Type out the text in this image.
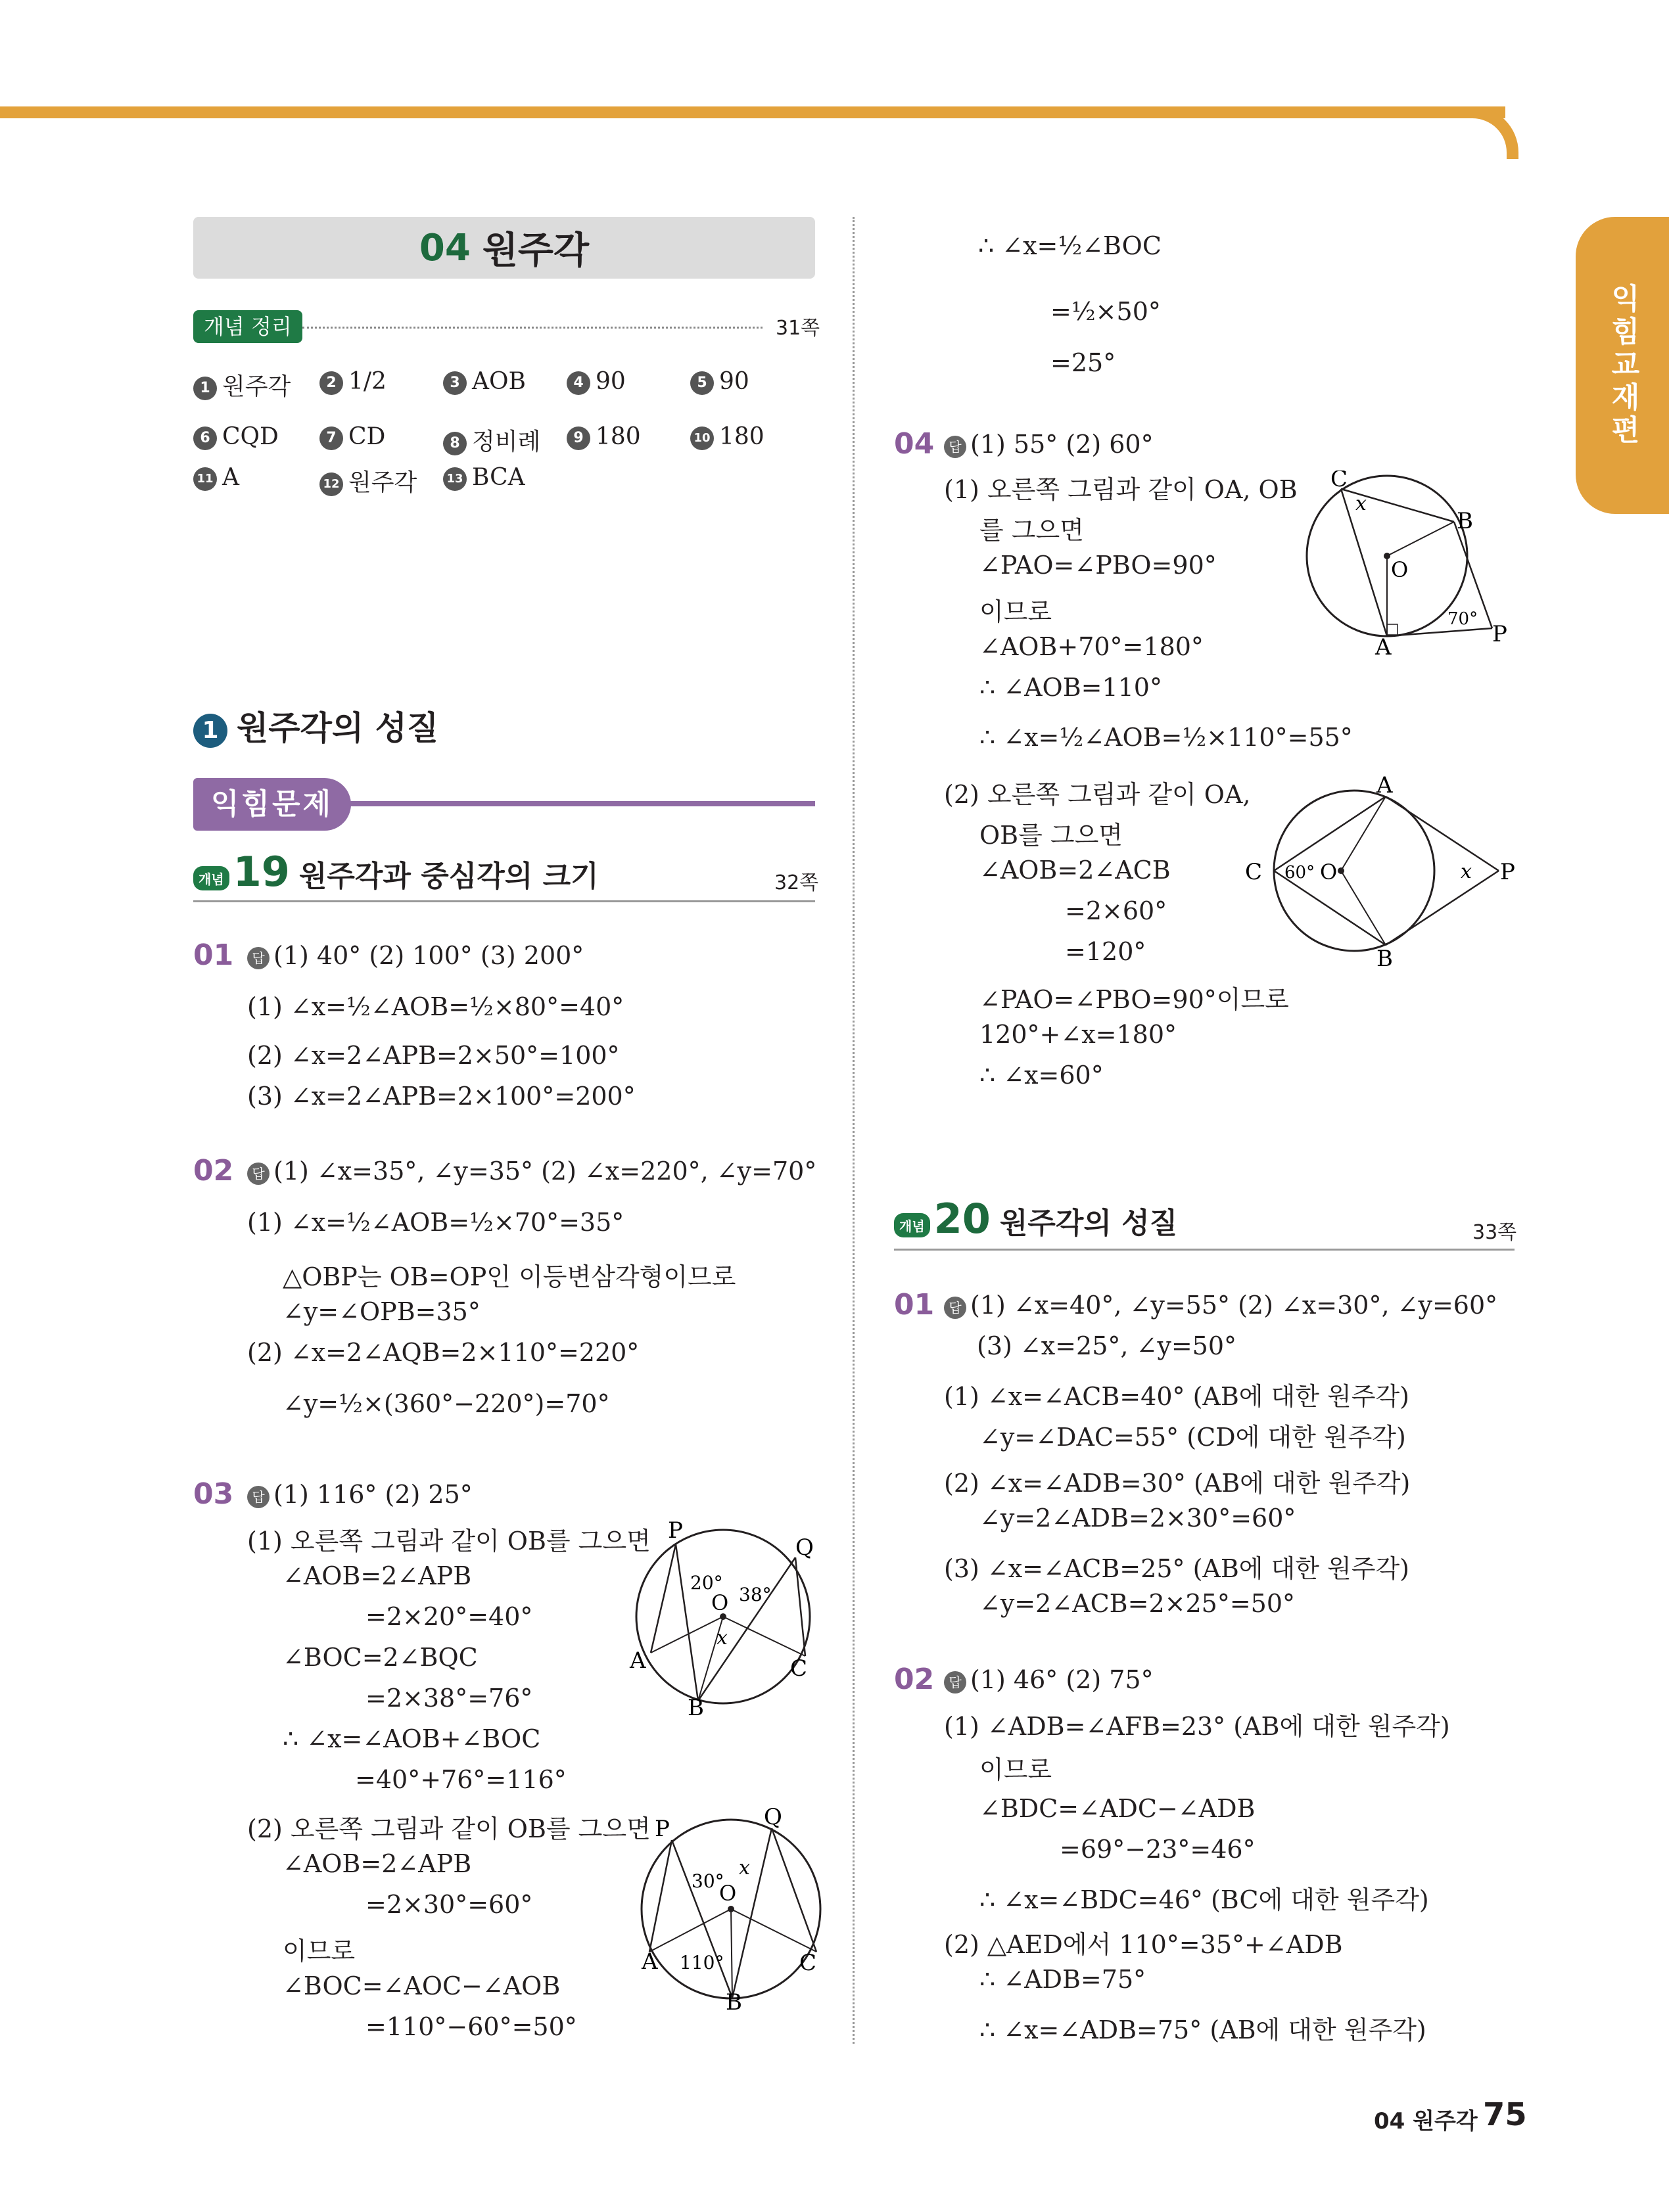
익힘교재편
04 원주각
개념 정리	31쪽
1 원주각	2 1/2	3 AOB	4 90	5 90
6 CQD	7 CD	8 정비례	9 180	10 180
11 A	12 원주각	13 BCA
1 원주각의 성질
익힘문제
개념 19 원주각과 중심각의 크기	32쪽
01	답 (1) 40° (2) 100° (3) 200°
(1) ∠x=½∠AOB=½×80°=40°
(2) ∠x=2∠APB=2×50°=100°
(3) ∠x=2∠APB=2×100°=200°
02	답 (1) ∠x=35°, ∠y=35° (2) ∠x=220°, ∠y=70°
(1) ∠x=½∠AOB=½×70°=35°
△OBP는 OB=OP인 이등변삼각형이므로
∠y=∠OPB=35°
(2) ∠x=2∠AQB=2×110°=220°
∠y=½×(360°−220°)=70°
03	답 (1) 116° (2) 25°
(1) 오른쪽 그림과 같이 OB를 그으면
∠AOB=2∠APB
=2×20°=40°
∠BOC=2∠BQC
=2×38°=76°
∴ ∠x=∠AOB+∠BOC
=40°+76°=116°
(2) 오른쪽 그림과 같이 OB를 그으면
∠AOB=2∠APB
=2×30°=60°
이므로
∠BOC=∠AOC−∠AOB
=110°−60°=50°
P
Q
O
A
B
C
x
20°
38°
P	Q
O
A
B
C
x
30°
110°
∴ ∠x=½∠BOC
=½×50°
=25°
04	답 (1) 55° (2) 60°
(1) 오른쪽 그림과 같이 OA, OB
를 그으면
∠PAO=∠PBO=90°
이므로
∠AOB+70°=180°
∴ ∠AOB=110°
∴ ∠x=½∠AOB=½×110°=55°
(2) 오른쪽 그림과 같이 OA,
OB를 그으면
∠AOB=2∠ACB
=2×60°
=120°
∠PAO=∠PBO=90°이므로
120°+∠x=180°
∴ ∠x=60°
C
B
O
A	P
x
70°
A
C	O
B
P
x
60°
개념 20 원주각의 성질	33쪽
01	답 (1) ∠x=40°, ∠y=55° (2) ∠x=30°, ∠y=60°
(3) ∠x=25°, ∠y=50°
(1) ∠x=∠ACB=40° (AB에 대한 원주각)
∠y=∠DAC=55° (CD에 대한 원주각)
(2) ∠x=∠ADB=30° (AB에 대한 원주각)
∠y=2∠ADB=2×30°=60°
(3) ∠x=∠ACB=25° (AB에 대한 원주각)
∠y=2∠ACB=2×25°=50°
02	답 (1) 46° (2) 75°
(1) ∠ADB=∠AFB=23° (AB에 대한 원주각)
이므로
∠BDC=∠ADC−∠ADB
=69°−23°=46°
∴ ∠x=∠BDC=46° (BC에 대한 원주각)
(2) △AED에서 110°=35°+∠ADB
∴ ∠ADB=75°
∴ ∠x=∠ADB=75° (AB에 대한 원주각)
04 원주각 75
